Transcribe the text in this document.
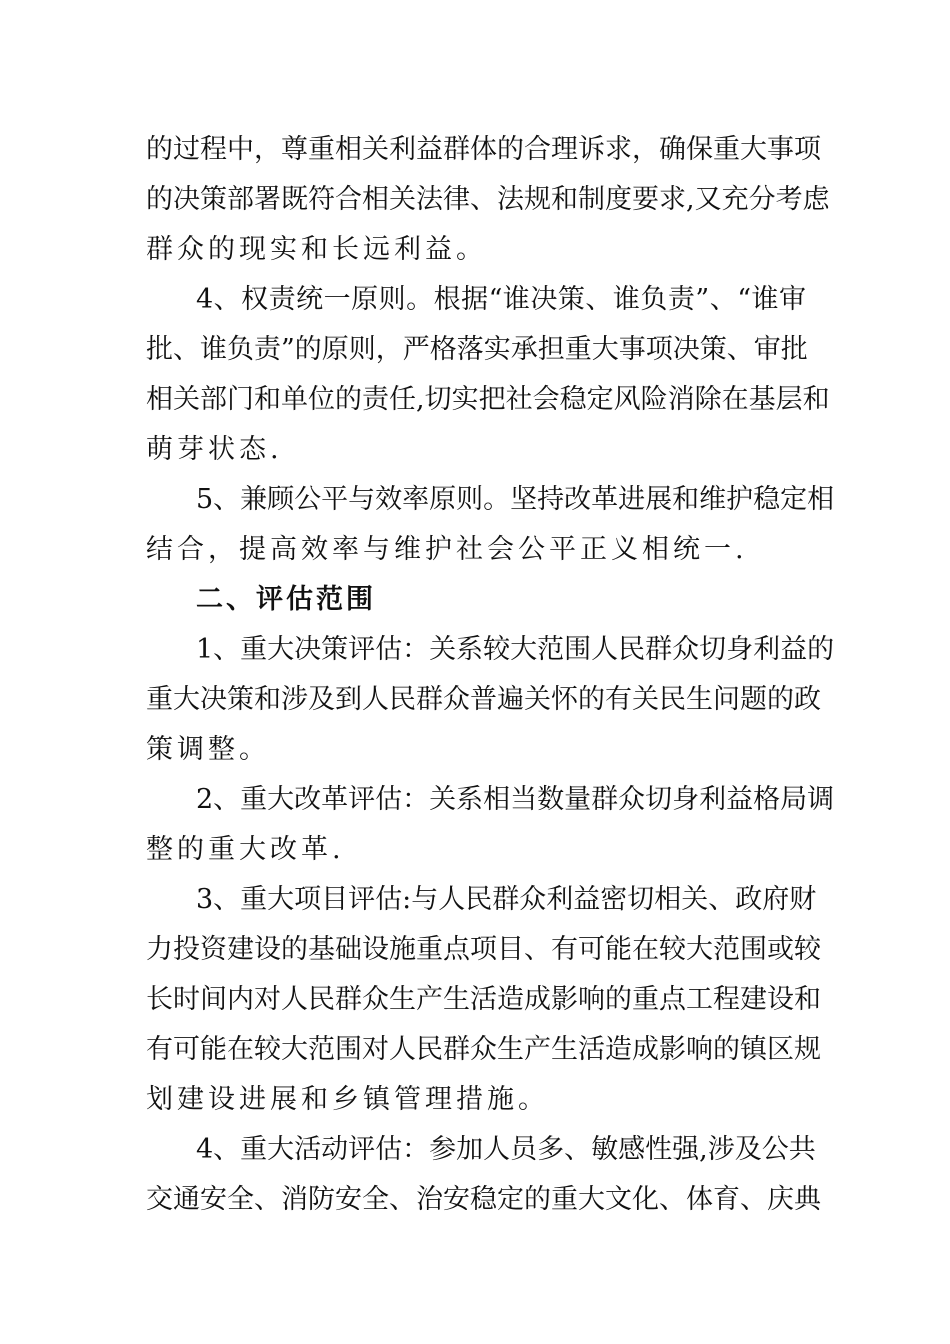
的过程中，尊重相关利益群体的合理诉求，确保重大事项
的决策部署既符合相关法律、法规和制度要求,又充分考虑
群众的现实和长远利益。
4、权责统一原则。根据“谁决策、谁负责”、“谁审
批、谁负责”的原则，严格落实承担重大事项决策、审批
相关部门和单位的责任,切实把社会稳定风险消除在基层和
萌芽状态.
5、兼顾公平与效率原则。坚持改革进展和维护稳定相
结合，提高效率与维护社会公平正义相统一.
二、评估范围
1、重大决策评估：关系较大范围人民群众切身利益的
重大决策和涉及到人民群众普遍关怀的有关民生问题的政
策调整。
2、重大改革评估：关系相当数量群众切身利益格局调
整的重大改革.
3、重大项目评估:与人民群众利益密切相关、政府财
力投资建设的基础设施重点项目、有可能在较大范围或较
长时间内对人民群众生产生活造成影响的重点工程建设和
有可能在较大范围对人民群众生产生活造成影响的镇区规
划建设进展和乡镇管理措施。
4、重大活动评估：参加人员多、敏感性强,涉及公共
交通安全、消防安全、治安稳定的重大文化、体育、庆典
